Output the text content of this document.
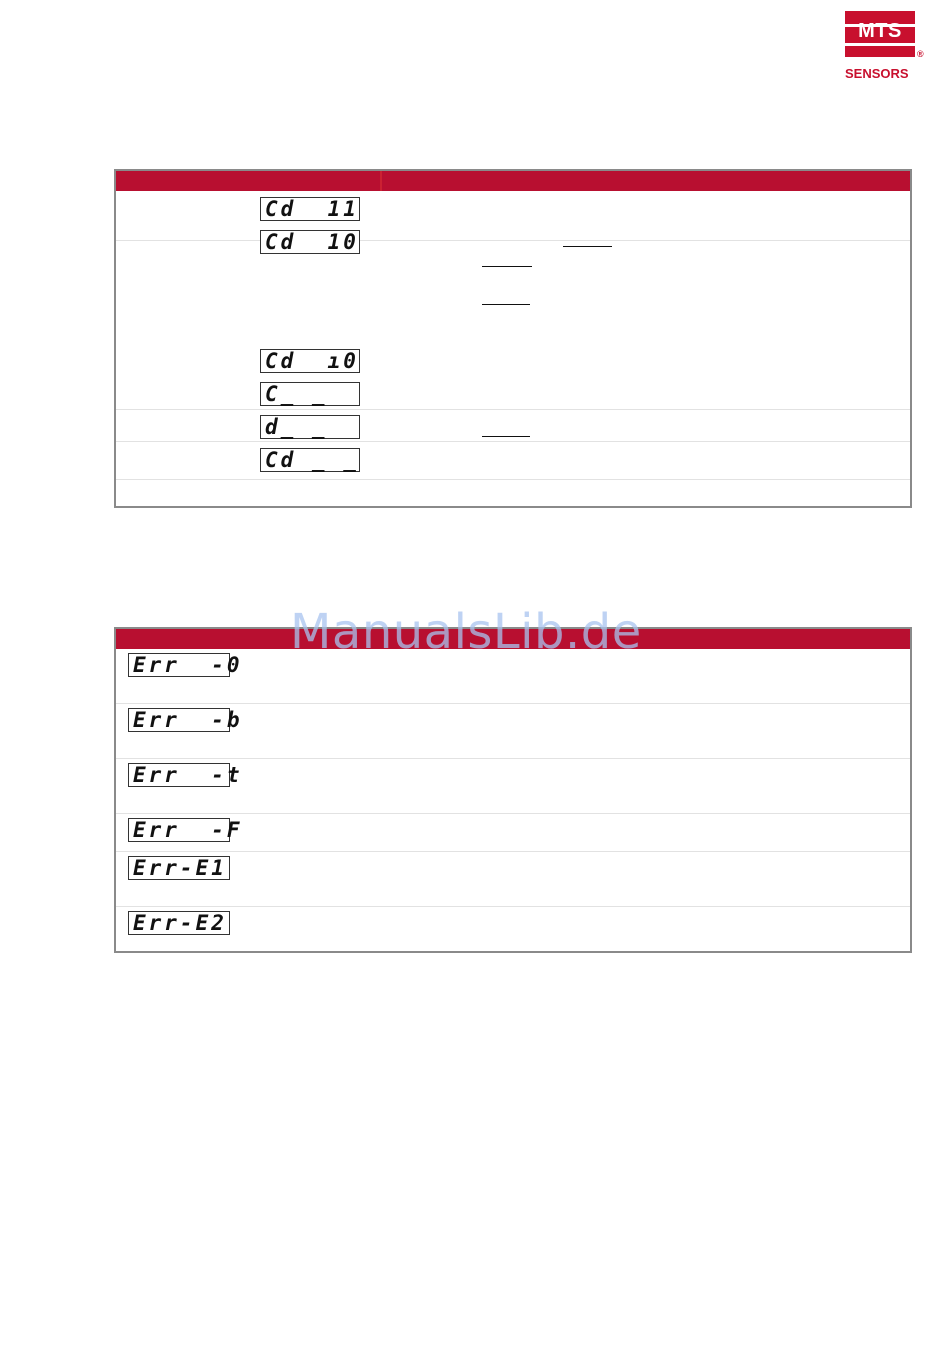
MTS
®
SENSORS
Cd  11
Cd  10
Cd  ı0
C_ _
d_ _
Cd _ _
Err  -0
Err  -b
Err  -t
Err  -F
Err-E1
Err-E2
ManualsLib.de
